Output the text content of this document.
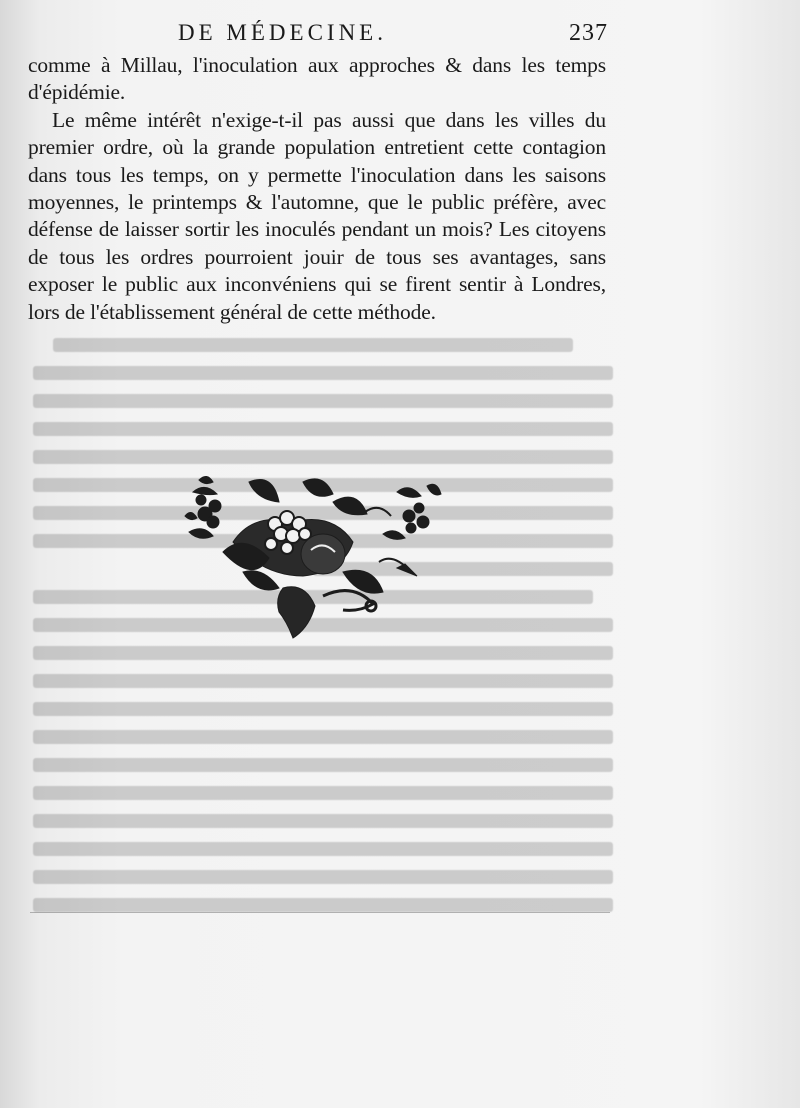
DE MÉDECINE.	237

comme à Millau, l'inoculation aux approches & dans les temps d'épidémie.

Le même intérêt n'exige-t-il pas aussi que dans les villes du premier ordre, où la grande population entretient cette contagion dans tous les temps, on y permette l'inoculation dans les saisons moyennes, le printemps & l'automne, que le public préfère, avec défense de laisser sortir les inoculés pendant un mois? Les citoyens de tous les ordres pourroient jouir de tous ses avantages, sans exposer le public aux inconvéniens qui se firent sentir à Londres, lors de l'établissement général de cette méthode.
